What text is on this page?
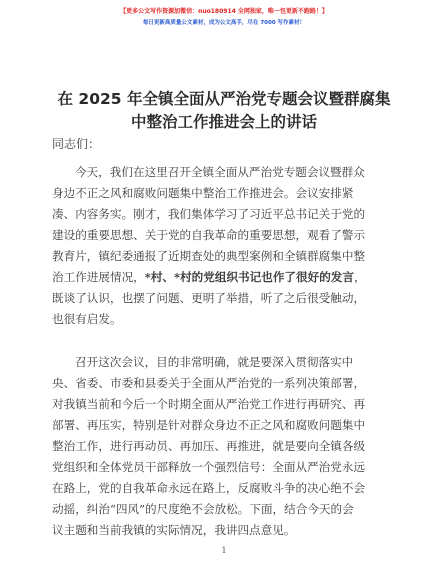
【更多公文写作资源加微信：nuo180914 全网独家，唯一包更新不跑路！】
每日更新高质量公文素材，成为公文高手，尽在 7000 写作素材！
在 2025 年全镇全面从严治党专题会议暨群腐集
中整治工作推进会上的讲话
同志们：
今天，我们在这里召开全镇全面从严治党专题会议暨群众
身边不正之风和腐败问题集中整治工作推进会。会议安排紧
凑、内容务实。刚才，我们集体学习了习近平总书记关于党的
建设的重要思想、关于党的自我革命的重要思想，观看了警示
教育片，镇纪委通报了近期查处的典型案例和全镇群腐集中整
治工作进展情况，*村、*村的党组织书记也作了很好的发言，
既谈了认识，也摆了问题、更明了举措，听了之后很受触动，
也很有启发。
召开这次会议，目的非常明确，就是要深入贯彻落实中
央、省委、市委和县委关于全面从严治党的一系列决策部署，
对我镇当前和今后一个时期全面从严治党工作进行再研究、再
部署、再压实，特别是针对群众身边不正之风和腐败问题集中
整治工作，进行再动员、再加压、再推进，就是要向全镇各级
党组织和全体党员干部释放一个强烈信号：全面从严治党永远
在路上，党的自我革命永远在路上，反腐败斗争的决心绝不会
动摇，纠治“四风”的尺度绝不会放松。下面，结合今天的会
议主题和当前我镇的实际情况，我讲四点意见。
1
